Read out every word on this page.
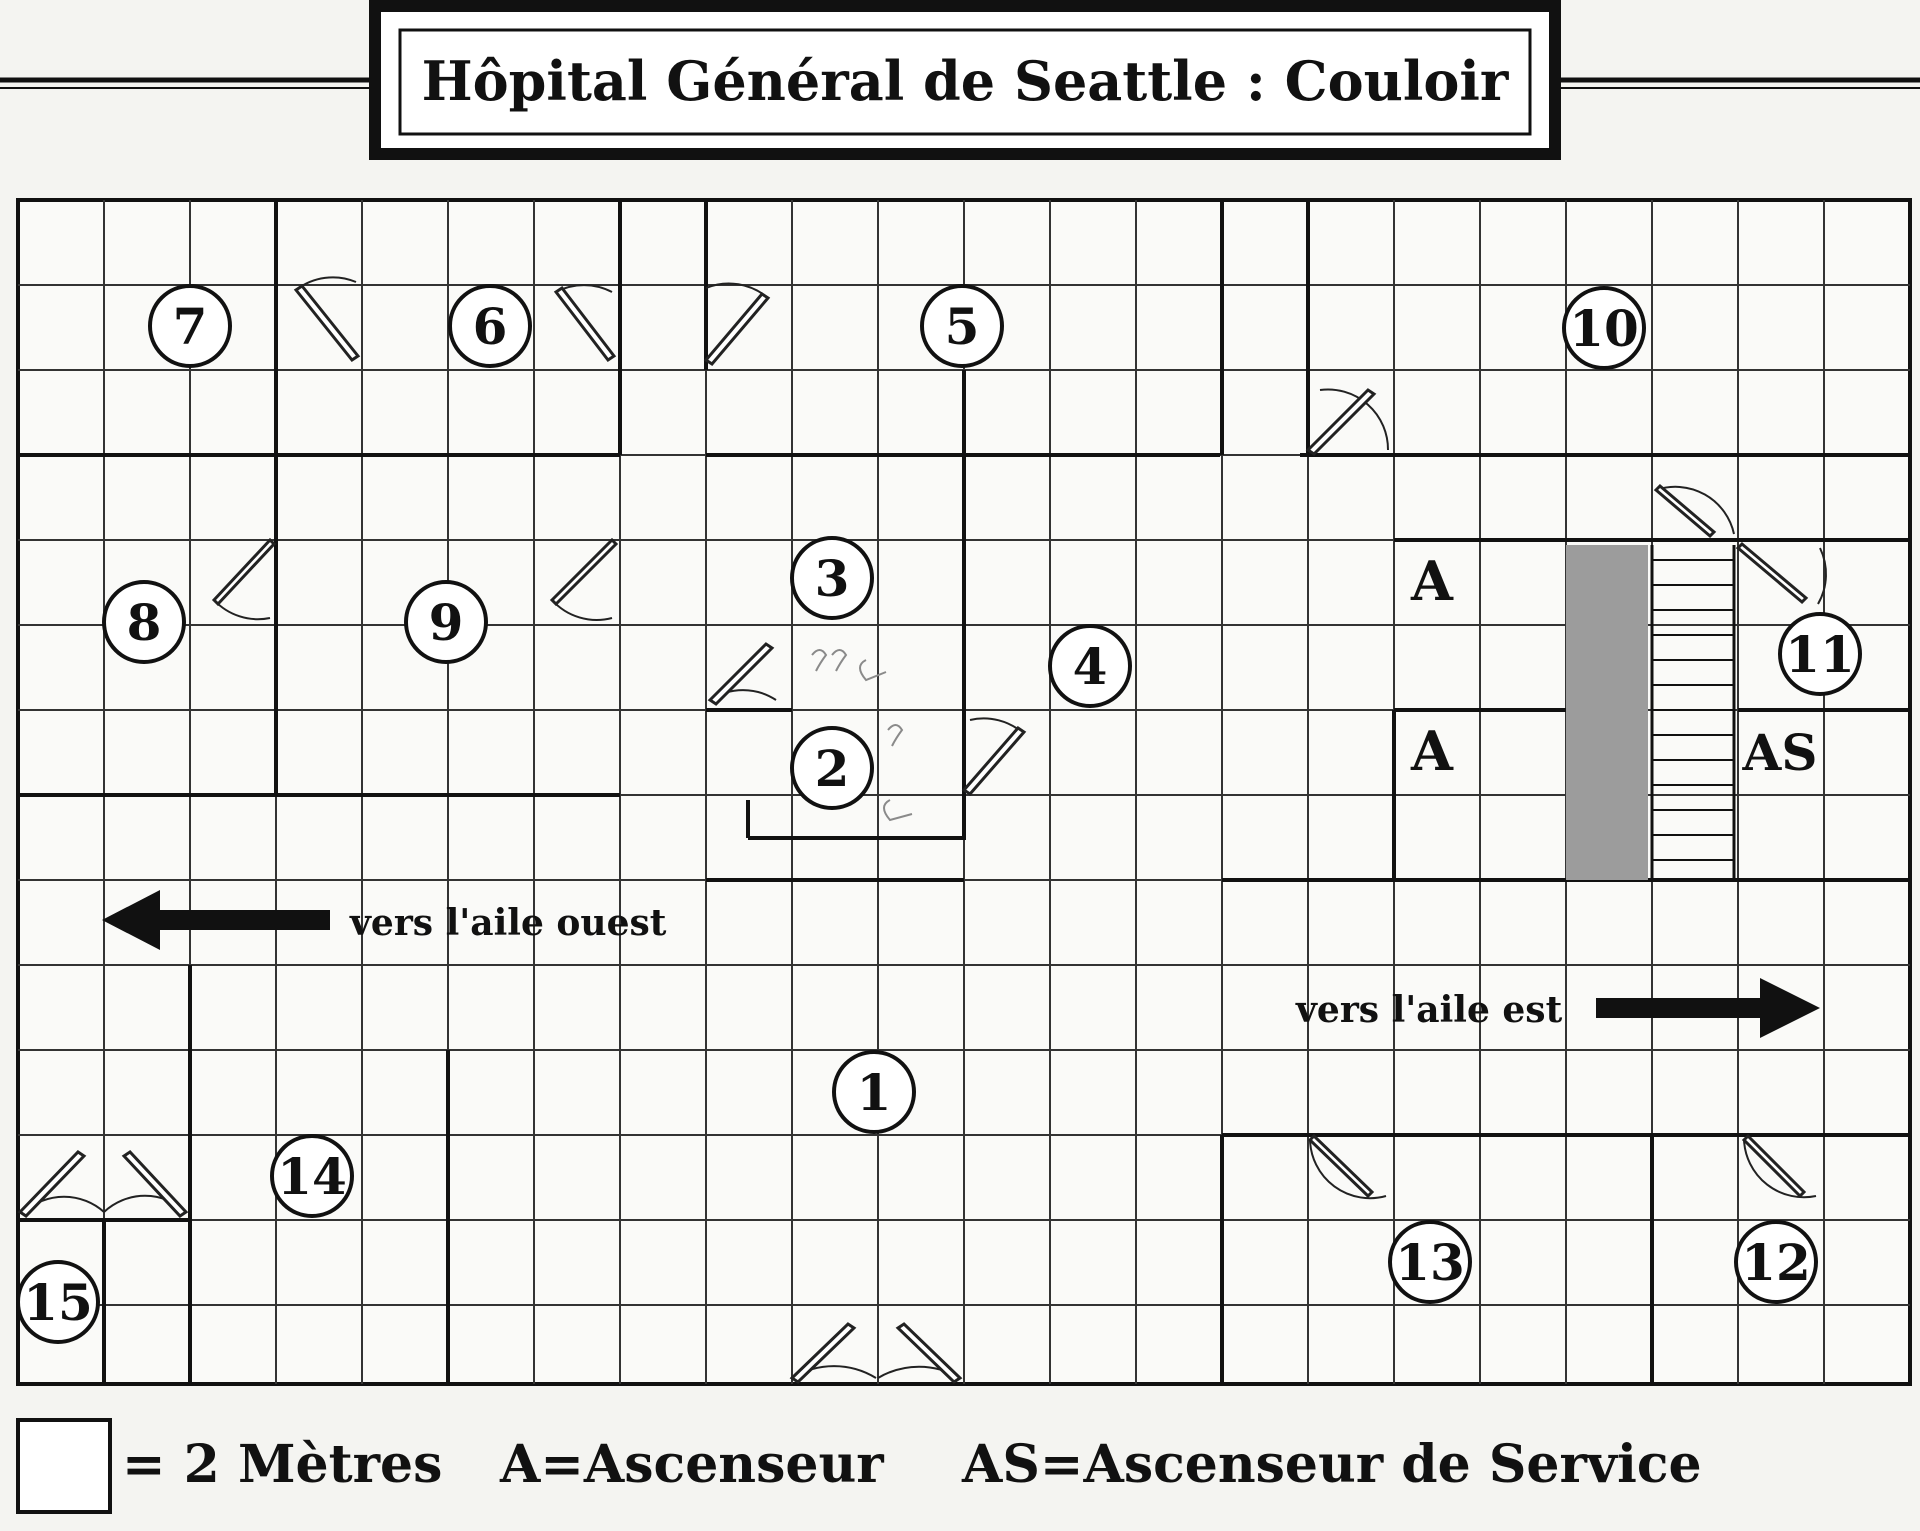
Hôpital Général de Seattle : Couloir
vers l'aile ouest
vers l'aile est
A
A	AS
7	6	5	10
3
8	9
4	11
2
1
14
15
13	12
= 2 Mètres A=Ascenseur AS=Ascenseur de Service
